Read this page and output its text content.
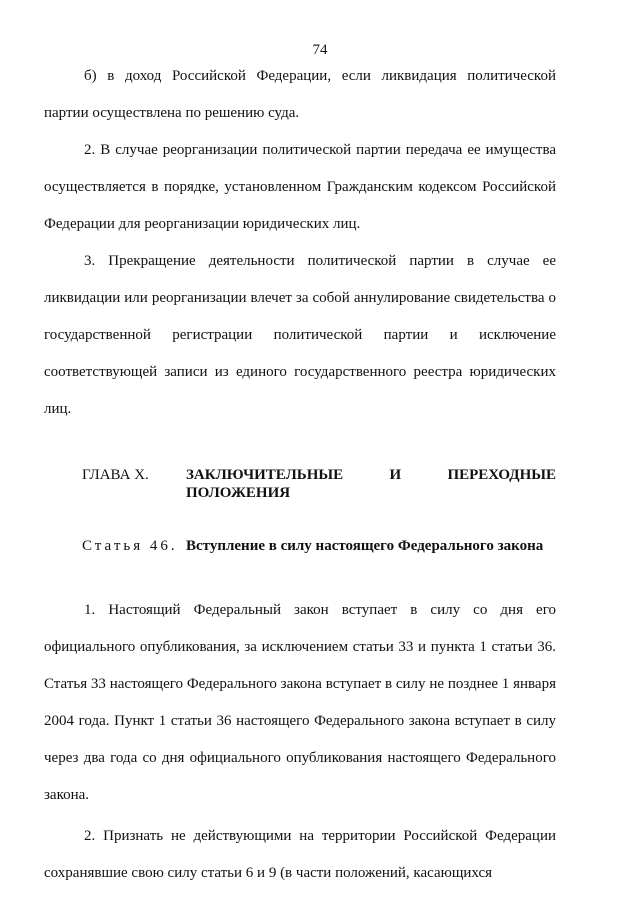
74

б) в доход Российской Федерации, если ликвидация политической

партии осуществлена по решению суда.

2. В случае реорганизации политической партии передача ее имущества осуществляется в порядке, установленном Гражданским кодексом Российской Федерации для реорганизации юридических лиц.

3. Прекращение деятельности политической партии в случае ее ликвидации или реорганизации влечет за собой аннулирование свидетельства о государственной регистрации политической партии и исключение соответствующей записи из единого государственного реестра юридических лиц.

ГЛАВА X. ЗАКЛЮЧИТЕЛЬНЫЕ И ПЕРЕХОДНЫЕ
ПОЛОЖЕНИЯ
Статья 46. Вступление в силу настоящего Федерального закона

1. Настоящий Федеральный закон вступает в силу со дня его официального опубликования, за исключением статьи 33 и пункта 1 статьи 36. Статья 33 настоящего Федерального закона вступает в силу не позднее 1 января 2004 года. Пункт 1 статьи 36 настоящего Федерального закона вступает в силу через два года со дня официального опубликования настоящего Федерального закона.

2. Признать не действующими на территории Российской Федерации сохранявшие свою силу статьи 6 и 9 (в части положений, касающихся
